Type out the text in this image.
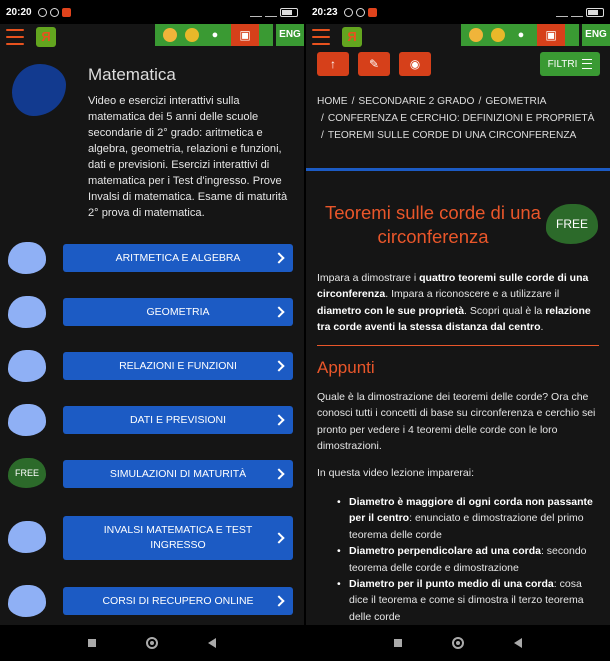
20:20
Я	●	▣	ENG
Matematica
Video e esercizi interattivi sulla matematica dei 5 anni delle scuole secondarie di 2° grado: aritmetica e algebra, geometria, relazioni e funzioni, dati e previsioni. Esercizi interattivi di matematica per i Test d'ingresso. Prove Invalsi di matematica. Esame di maturità 2° prova di matematica.
ARITMETICA E ALGEBRA
GEOMETRIA
RELAZIONI E FUNZIONI
DATI E PREVISIONI
FREE	SIMULAZIONI DI MATURITÀ
INVALSI MATEMATICA E TEST INGRESSO
CORSI DI RECUPERO ONLINE
20:23
Я	●	▣	ENG
↑	✎	◉	FILTRI
HOME / SECONDARIE 2 GRADO / GEOMETRIA
/ CONFERENZA E CERCHIO: DEFINIZIONI E PROPRIETÀ
/ TEOREMI SULLE CORDE DI UNA CIRCONFERENZA
Teoremi sulle corde di una circonferenza
FREE
Impara a dimostrare i quattro teoremi sulle corde di una circonferenza. Impara a riconoscere e a utilizzare il diametro con le sue proprietà. Scopri qual è la relazione tra corde aventi la stessa distanza dal centro.
Appunti
Quale è la dimostrazione dei teoremi delle corde? Ora che conosci tutti i concetti di base su circonferenza e cerchio sei pronto per vedere i 4 teoremi delle corde con le loro dimostrazioni.
In questa video lezione imparerai:
• Diametro è maggiore di ogni corda non passante per il centro: enunciato e dimostrazione del primo teorema delle corde
• Diametro perpendicolare ad una corda: secondo teorema delle corde e dimostrazione
• Diametro per il punto medio di una corda: cosa dice il teorema e come si dimostra il terzo teorema delle corde
